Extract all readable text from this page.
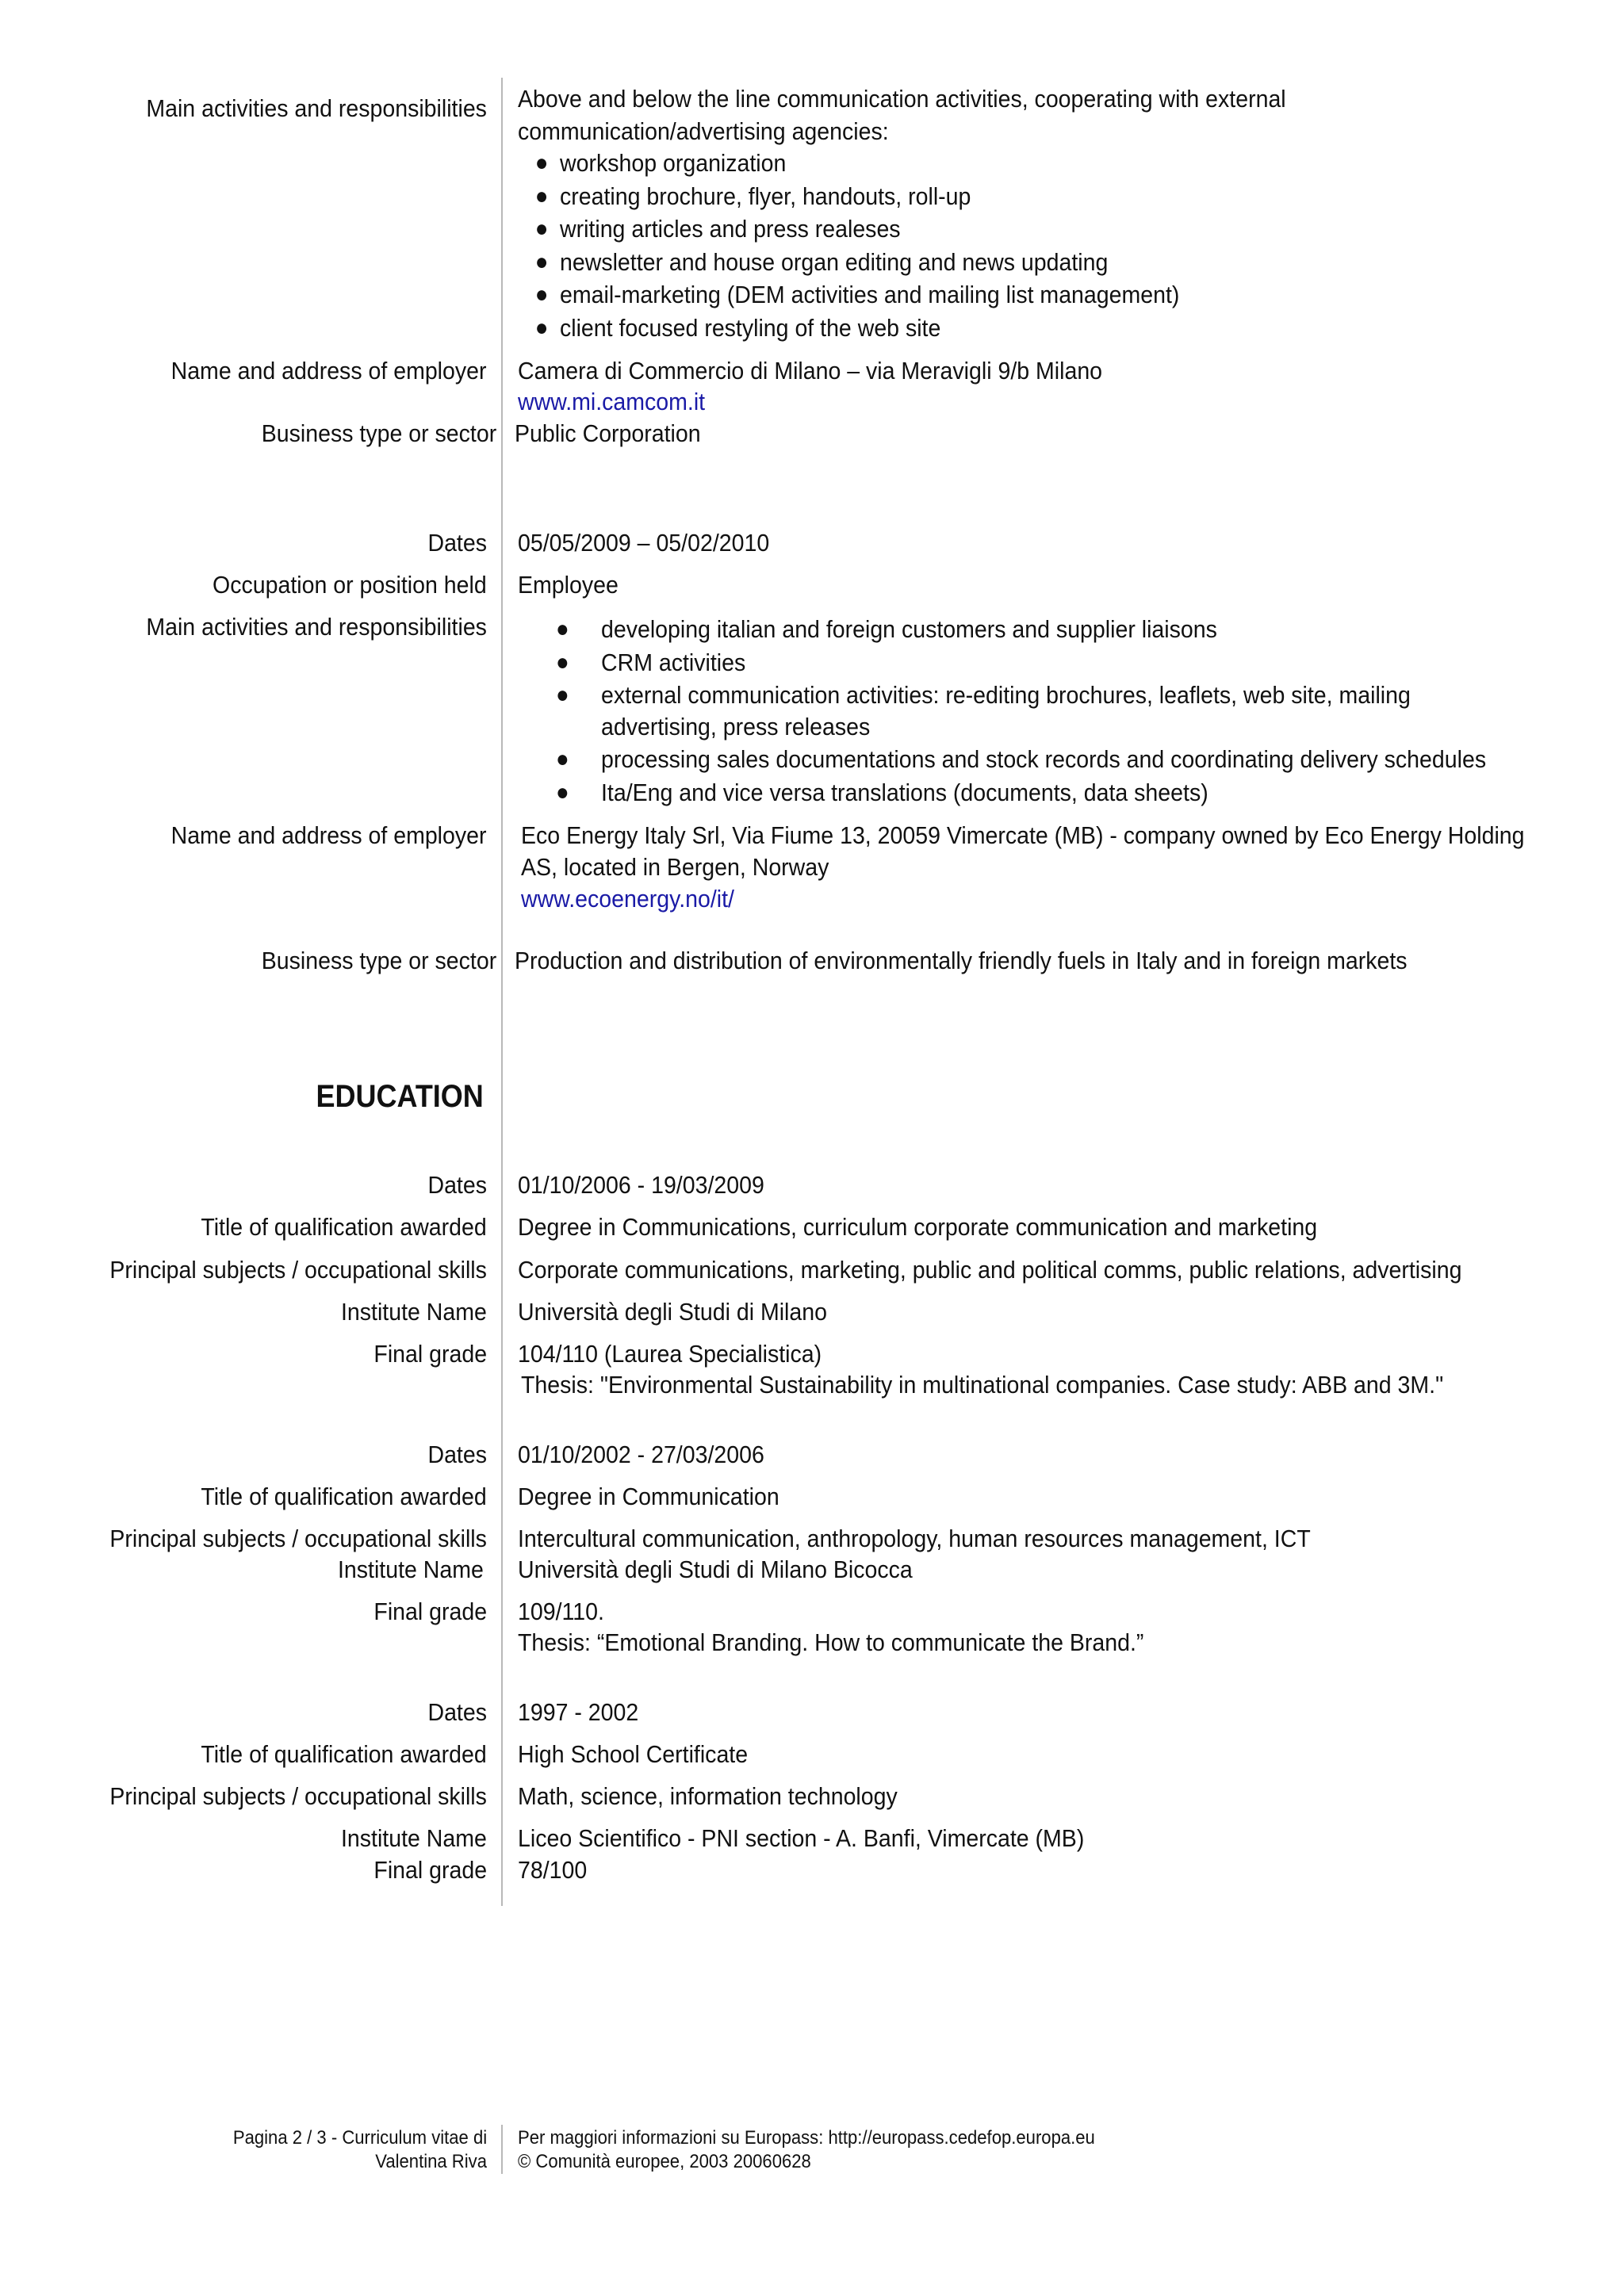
Main activities and responsibilities Above and below the line communication activities, cooperating with external
communication/advertising agencies:
● workshop organization
● creating brochure, flyer, handouts, roll-up
● writing articles and press realeses
● newsletter and house organ editing and news updating
● email-marketing (DEM activities and mailing list management)
● client focused restyling of the web site
Name and address of employer Camera di Commercio di Milano – via Meravigli 9/b Milano
www.mi.camcom.it
Business type or sector Public Corporation
Dates 05/05/2009 – 05/02/2010
Occupation or position held Employee
Main activities and responsibilities	● developing italian and foreign customers and supplier liaisons
● CRM activities
● external communication activities: re-editing brochures, leaflets, web site, mailing
advertising, press releases
● processing sales documentations and stock records and coordinating delivery schedules
● Ita/Eng and vice versa translations (documents, data sheets)
Name and address of employer Eco Energy Italy Srl, Via Fiume 13, 20059 Vimercate (MB) - company owned by Eco Energy Holding
AS, located in Bergen, Norway
www.ecoenergy.no/it/
Business type or sector Production and distribution of environmentally friendly fuels in Italy and in foreign markets
EDUCATION
Dates 01/10/2006 - 19/03/2009
Title of qualification awarded Degree in Communications, curriculum corporate communication and marketing
Principal subjects / occupational skills Corporate communications, marketing, public and political comms, public relations, advertising
Institute Name Università degli Studi di Milano
Final grade 104/110 (Laurea Specialistica)
Thesis: "Environmental Sustainability in multinational companies. Case study: ABB and 3M."
Dates 01/10/2002 - 27/03/2006
Title of qualification awarded Degree in Communication
Principal subjects / occupational skills Intercultural communication, anthropology, human resources management, ICT
Institute Name Università degli Studi di Milano Bicocca
Final grade 109/110.
Thesis: “Emotional Branding. How to communicate the Brand.”
Dates 1997 - 2002
Title of qualification awarded High School Certificate
Principal subjects / occupational skills Math, science, information technology
Institute Name Liceo Scientifico - PNI section - A. Banfi, Vimercate (MB)
Final grade 78/100
Pagina 2 / 3 - Curriculum vitae di
Valentina Riva
Per maggiori informazioni su Europass: http://europass.cedefop.europa.eu
© Comunità europee, 2003 20060628
